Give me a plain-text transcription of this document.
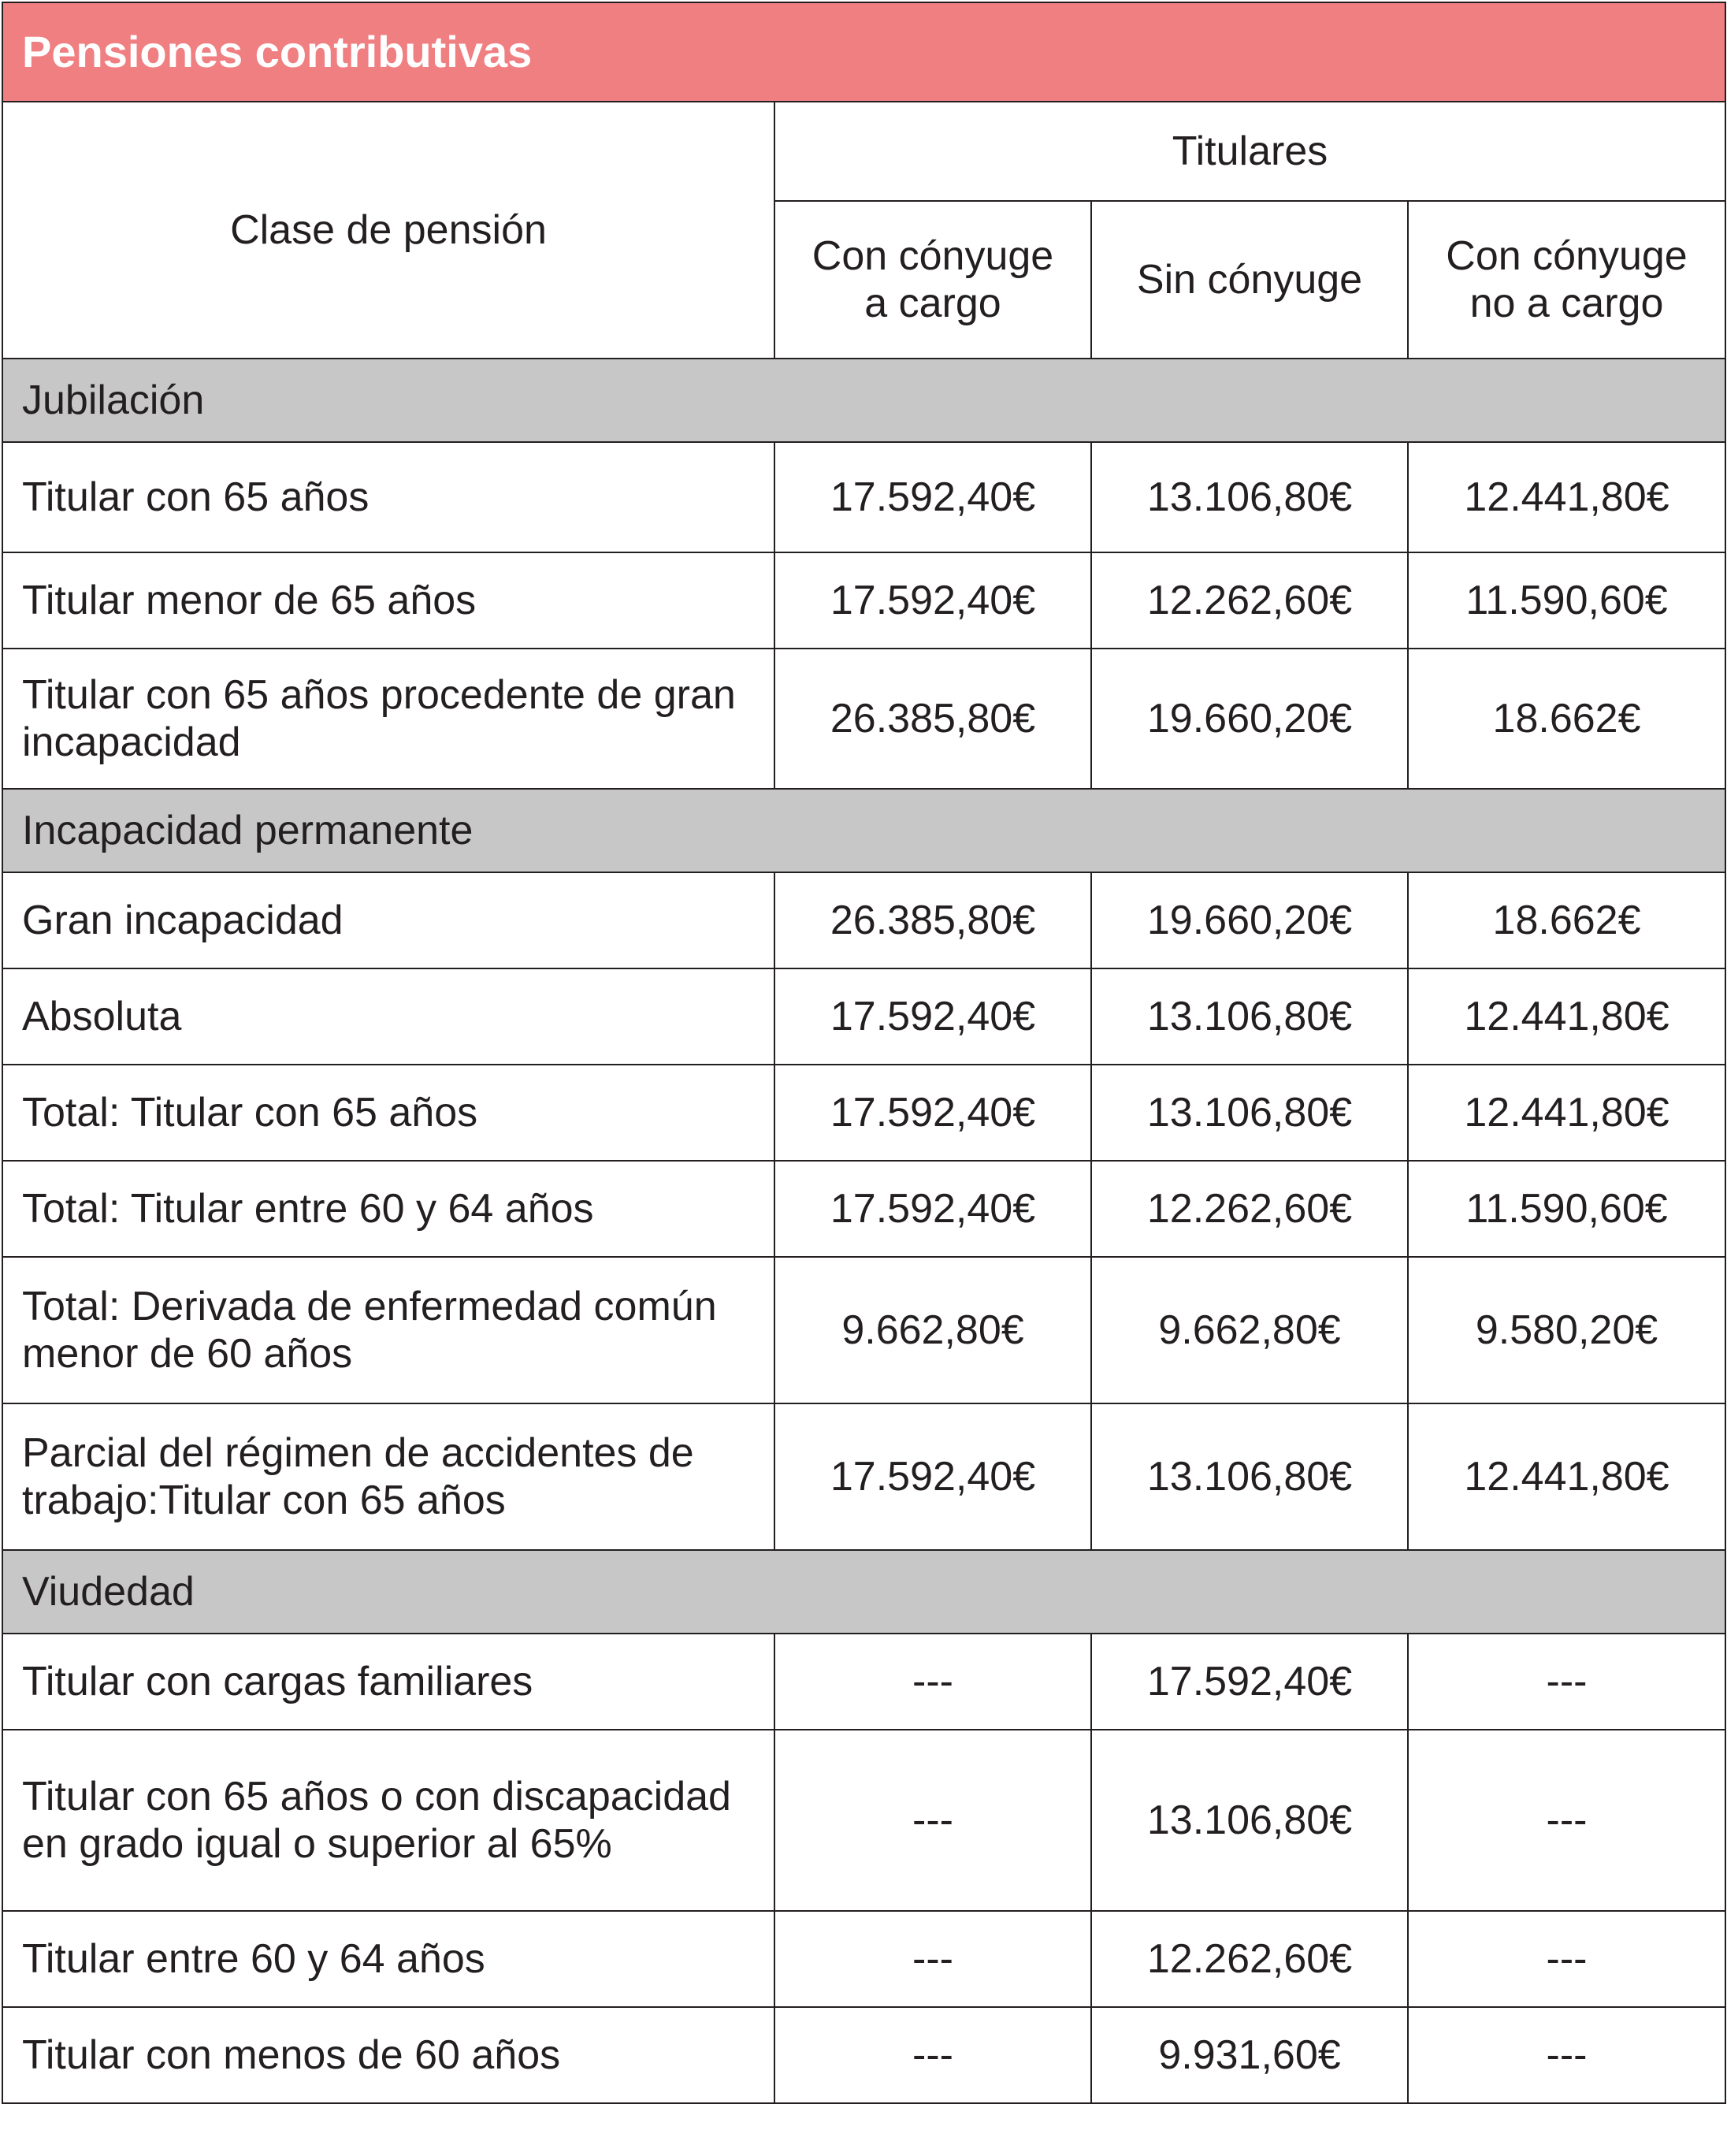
Pensiones contributivas			
Clase de pensión	Titulares		
	Con cónyuge a cargo	Sin cónyuge	Con cónyuge no a cargo
Jubilación			
Titular con 65 años	17.592,40€	13.106,80€	12.441,80€
Titular menor de 65 años	17.592,40€	12.262,60€	11.590,60€
Titular con 65 años procedente de gran incapacidad	26.385,80€	19.660,20€	18.662€
Incapacidad permanente			
Gran incapacidad	26.385,80€	19.660,20€	18.662€
Absoluta	17.592,40€	13.106,80€	12.441,80€
Total: Titular con 65 años	17.592,40€	13.106,80€	12.441,80€
Total: Titular entre 60 y 64 años	17.592,40€	12.262,60€	11.590,60€
Total: Derivada de enfermedad común menor de 60 años	9.662,80€	9.662,80€	9.580,20€
Parcial del régimen de accidentes de trabajo:Titular con 65 años	17.592,40€	13.106,80€	12.441,80€
Viudedad			
Titular con cargas familiares	---	17.592,40€	---
Titular con 65 años o con discapacidad en grado igual o superior al 65%	---	13.106,80€	---
Titular entre 60 y 64 años	---	12.262,60€	---
Titular con menos de 60 años	---	9.931,60€	---
